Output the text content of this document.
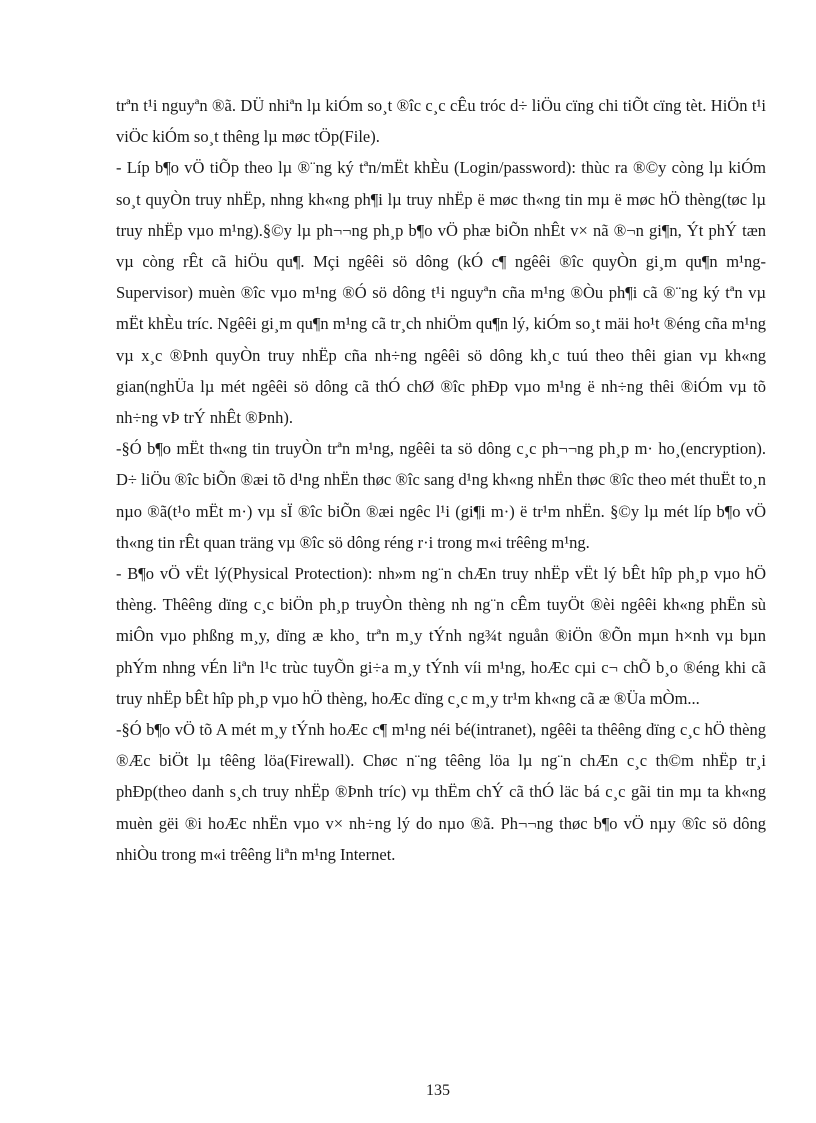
trªn t¹i nguyªn ®ã. DÜ nhiªn lµ kiÓm so¸t ®îc c¸c cÊu tróc d÷ liÖu cïng chi tiÕt cïng tèt. HiÖn t¹i viÖc kiÓm so¸t thêng lµ møc tÖp(File).

- Líp b¶o vÖ tiÕp theo lµ ®¨ng ký tªn/mËt khÈu (Login/password): thùc ra ®©y còng lµ kiÓm so¸t quyÒn truy nhËp, nhng kh«ng ph¶i lµ truy nhËp ë møc th«ng tin mµ ë møc hÖ thèng(tøc lµ truy nhËp vµo m¹ng).§©y lµ ph¬¬ng ph¸p b¶o vÖ phæ biÕn nhÊt v× nã ®¬n gi¶n, Ýt phÝ tæn vµ còng rÊt cã hiÖu qu¶. Mçi ngêêi sö dông (kÓ c¶ ngêêi ®îc quyÒn gi¸m qu¶n m¹ng-Supervisor) muèn ®îc vµo m¹ng ®Ó sö dông t¹i nguyªn cña m¹ng ®Òu ph¶i cã ®¨ng ký tªn vµ mËt khÈu tríc. Ngêêi gi¸m qu¶n m¹ng cã tr¸ch nhiÖm qu¶n lý, kiÓm so¸t mäi ho¹t ®éng cña m¹ng vµ x¸c ®Þnh quyÒn truy nhËp cña nh÷ng ngêêi sö dông kh¸c tuú theo thêi gian vµ kh«ng gian(nghÜa lµ mét ngêêi sö dông cã thÓ chØ ®îc phÐp vµo m¹ng ë nh÷ng thêi ®iÓm vµ tõ nh÷ng vÞ trÝ nhÊt ®Þnh).

-§Ó b¶o mËt th«ng tin truyÒn trªn m¹ng, ngêêi ta sö dông c¸c ph¬¬ng ph¸p m· ho¸(encryption). D÷ liÖu ®îc biÕn ®æi tõ d¹ng nhËn thøc ®îc sang d¹ng kh«ng nhËn thøc ®îc theo mét thuËt to¸n nµo ®ã(t¹o mËt m·) vµ sÏ ®îc biÕn ®æi ngêc l¹i (gi¶i m·) ë tr¹m nhËn. §©y lµ mét líp b¶o vÖ th«ng tin rÊt quan träng vµ ®îc sö dông réng r·i trong m«i trêêng m¹ng.

- B¶o vÖ vËt lý(Physical Protection): nh»m ng¨n chÆn truy nhËp vËt lý bÊt hîp ph¸p vµo hÖ thèng. Thêêng dïng c¸c biÖn ph¸p truyÒn thèng nh ng¨n cÊm tuyÖt ®èi ngêêi kh«ng phËn sù miÔn vµo phßng m¸y, dïng æ kho¸ trªn m¸y tÝnh ng¾t nguån ®iÖn ®Õn mµn h×nh vµ bµn phÝm nhng vÉn liªn l¹c trùc tuyÕn gi÷a m¸y tÝnh víi m¹ng, hoÆc cµi c¬ chÕ b¸o ®éng khi cã truy nhËp bÊt hîp ph¸p vµo hÖ thèng, hoÆc dïng c¸c m¸y tr¹m kh«ng cã æ ®Üa mÒm...

-§Ó b¶o vÖ tõ A mét m¸y tÝnh hoÆc c¶ m¹ng néi bé(intranet), ngêêi ta thêêng dïng c¸c hÖ thèng ®Æc biÖt lµ têêng löa(Firewall). Chøc n¨ng têêng löa lµ ng¨n chÆn c¸c th©m nhËp tr¸i phÐp(theo danh s¸ch truy nhËp ®Þnh tríc) vµ thËm chÝ cã thÓ läc bá c¸c gãi tin mµ ta kh«ng muèn gëi ®i hoÆc nhËn vµo v× nh÷ng lý do nµo ®ã. Ph¬¬ng thøc b¶o vÖ nµy ®îc sö dông nhiÒu trong m«i trêêng liªn m¹ng Internet.

135
